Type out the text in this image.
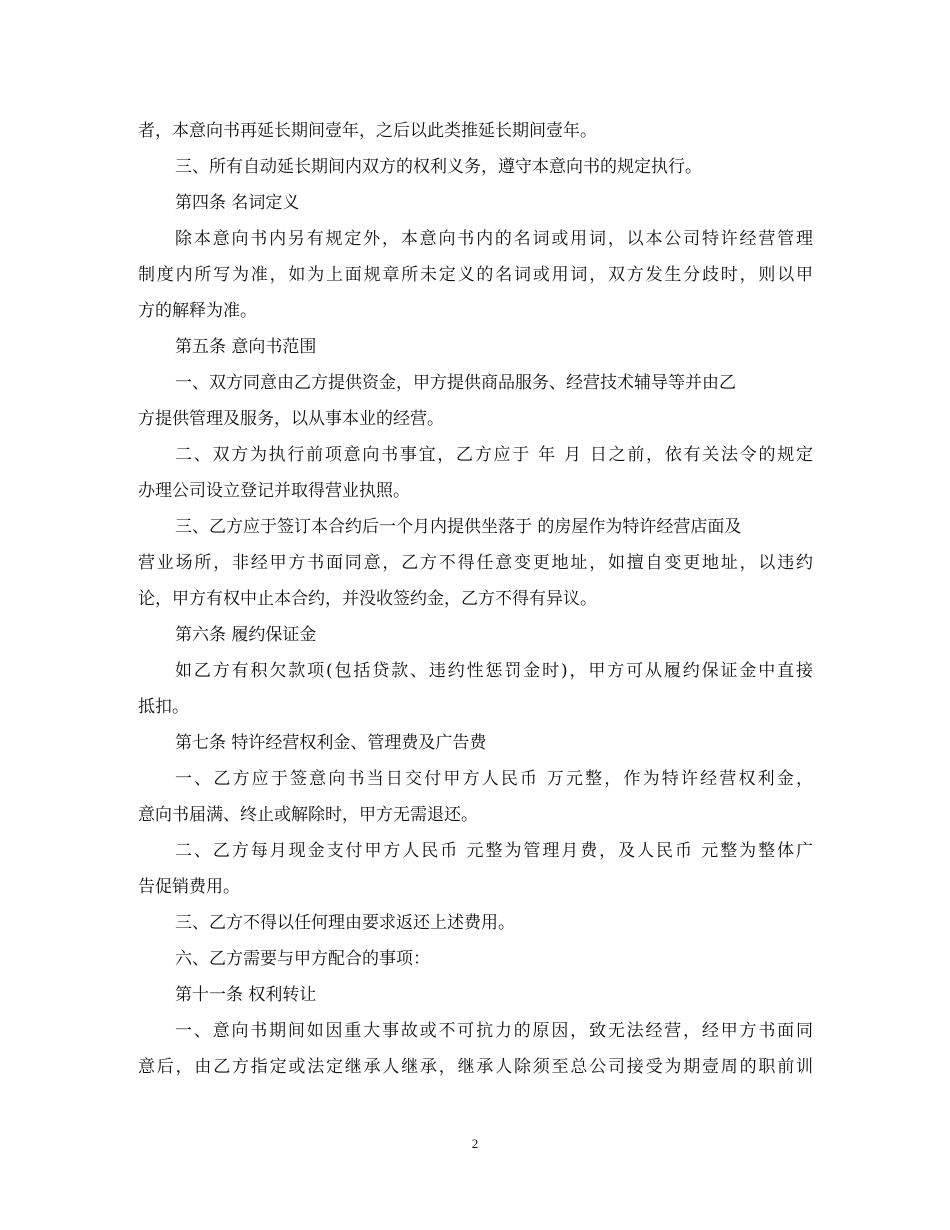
者，本意向书再延长期间壹年，之后以此类推延长期间壹年。
三、所有自动延长期间内双方的权利义务，遵守本意向书的规定执行。
第四条 名词定义
除本意向书内另有规定外，本意向书内的名词或用词，以本公司特许经营管理
制度内所写为准，如为上面规章所未定义的名词或用词，双方发生分歧时，则以甲
方的解释为准。
第五条 意向书范围
一、双方同意由乙方提供资金，甲方提供商品服务、经营技术辅导等并由乙
方提供管理及服务，以从事本业的经营。
二、双方为执行前项意向书事宜，乙方应于 年 月 日之前，依有关法令的规定
办理公司设立登记并取得营业执照。
三、乙方应于签订本合约后一个月内提供坐落于 的房屋作为特许经营店面及
营业场所，非经甲方书面同意，乙方不得任意变更地址，如擅自变更地址，以违约
论，甲方有权中止本合约，并没收签约金，乙方不得有异议。
第六条 履约保证金
如乙方有积欠款项(包括贷款、违约性惩罚金时)，甲方可从履约保证金中直接
抵扣。
第七条 特许经营权利金、管理费及广告费
一、乙方应于签意向书当日交付甲方人民币 万元整，作为特许经营权利金，
意向书届满、终止或解除时，甲方无需退还。
二、乙方每月现金支付甲方人民币 元整为管理月费，及人民币 元整为整体广
告促销费用。
三、乙方不得以任何理由要求返还上述费用。
六、乙方需要与甲方配合的事项：
第十一条 权利转让
一、意向书期间如因重大事故或不可抗力的原因，致无法经营，经甲方书面同
意后，由乙方指定或法定继承人继承，继承人除须至总公司接受为期壹周的职前训
2
